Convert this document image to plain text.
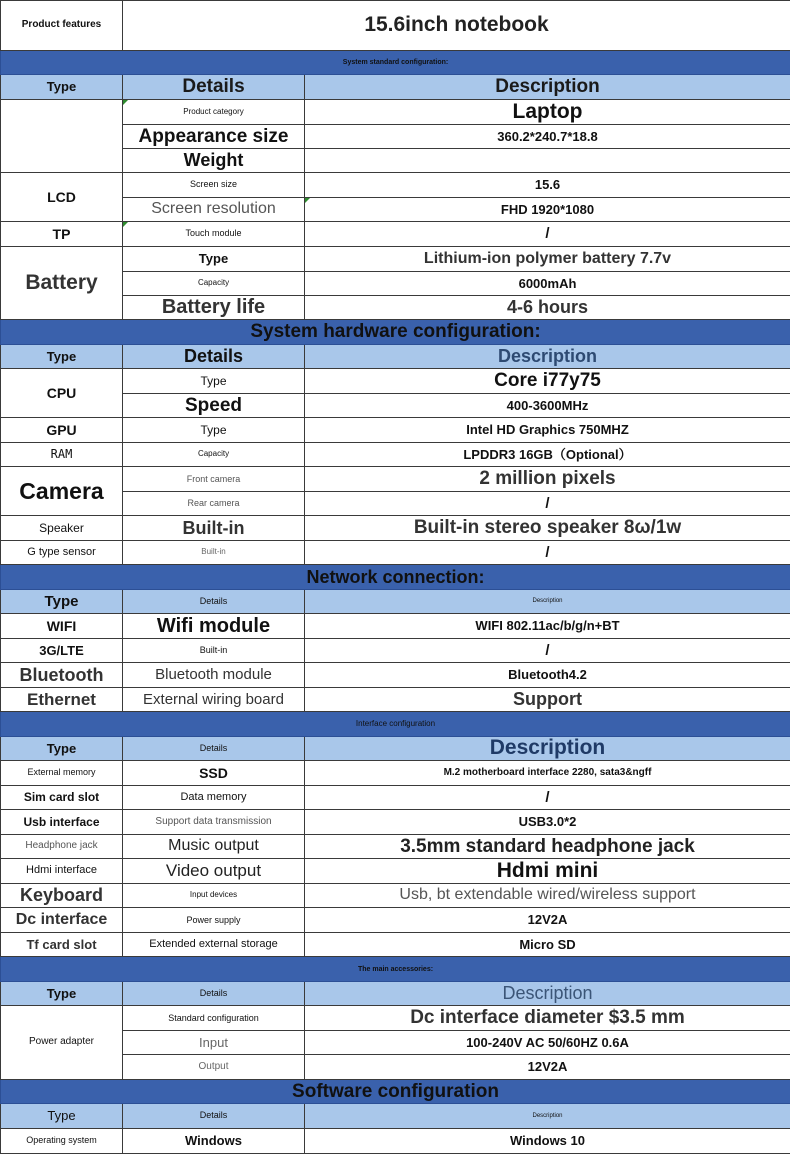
Product features	15.6inch notebook	
System standard configuration:		
Type	Details	Description
	Product category	Laptop
	Appearance size	360.2*240.7*18.8
	Weight	
LCD	Screen size	15.6
	Screen resolution	FHD 1920*1080
TP	Touch module	/
Battery	Type	Lithium-ion polymer battery 7.7v
	Capacity	6000mAh
	Battery life	4-6 hours
System hardware configuration:		
Type	Details	Description
CPU	Type	Core i77y75
	Speed	400-3600MHz
GPU	Type	Intel HD Graphics 750MHZ
RAM	Capacity	LPDDR3 16GB（Optional）
Camera	Front camera	2 million pixels
	Rear camera	/
Speaker	Built-in	Built-in stereo speaker 8ω/1w
G type sensor	Built-in	/
Network connection:		
Type	Details	Description
WIFI	Wifi module	WIFI 802.11ac/b/g/n+BT
3G/LTE	Built-in	/
Bluetooth	Bluetooth module	Bluetooth4.2
Ethernet	External wiring board	Support
Interface configuration		
Type	Details	Description
External memory	SSD	M.2 motherboard interface 2280, sata3&ngff
Sim card slot	Data memory	/
Usb interface	Support data transmission	USB3.0*2
Headphone jack	Music output	3.5mm standard headphone jack
Hdmi interface	Video output	Hdmi mini
Keyboard	Input devices	Usb, bt extendable wired/wireless support
Dc interface	Power supply	12V2A
Tf card slot	Extended external storage	Micro SD
The main accessories:		
Type	Details	Description
Power adapter	Standard configuration	Dc interface diameter $3.5 mm
	Input	100-240V AC 50/60HZ 0.6A
	Output	12V2A
Software configuration		
Type	Details	Description
Operating system	Windows	Windows 10
